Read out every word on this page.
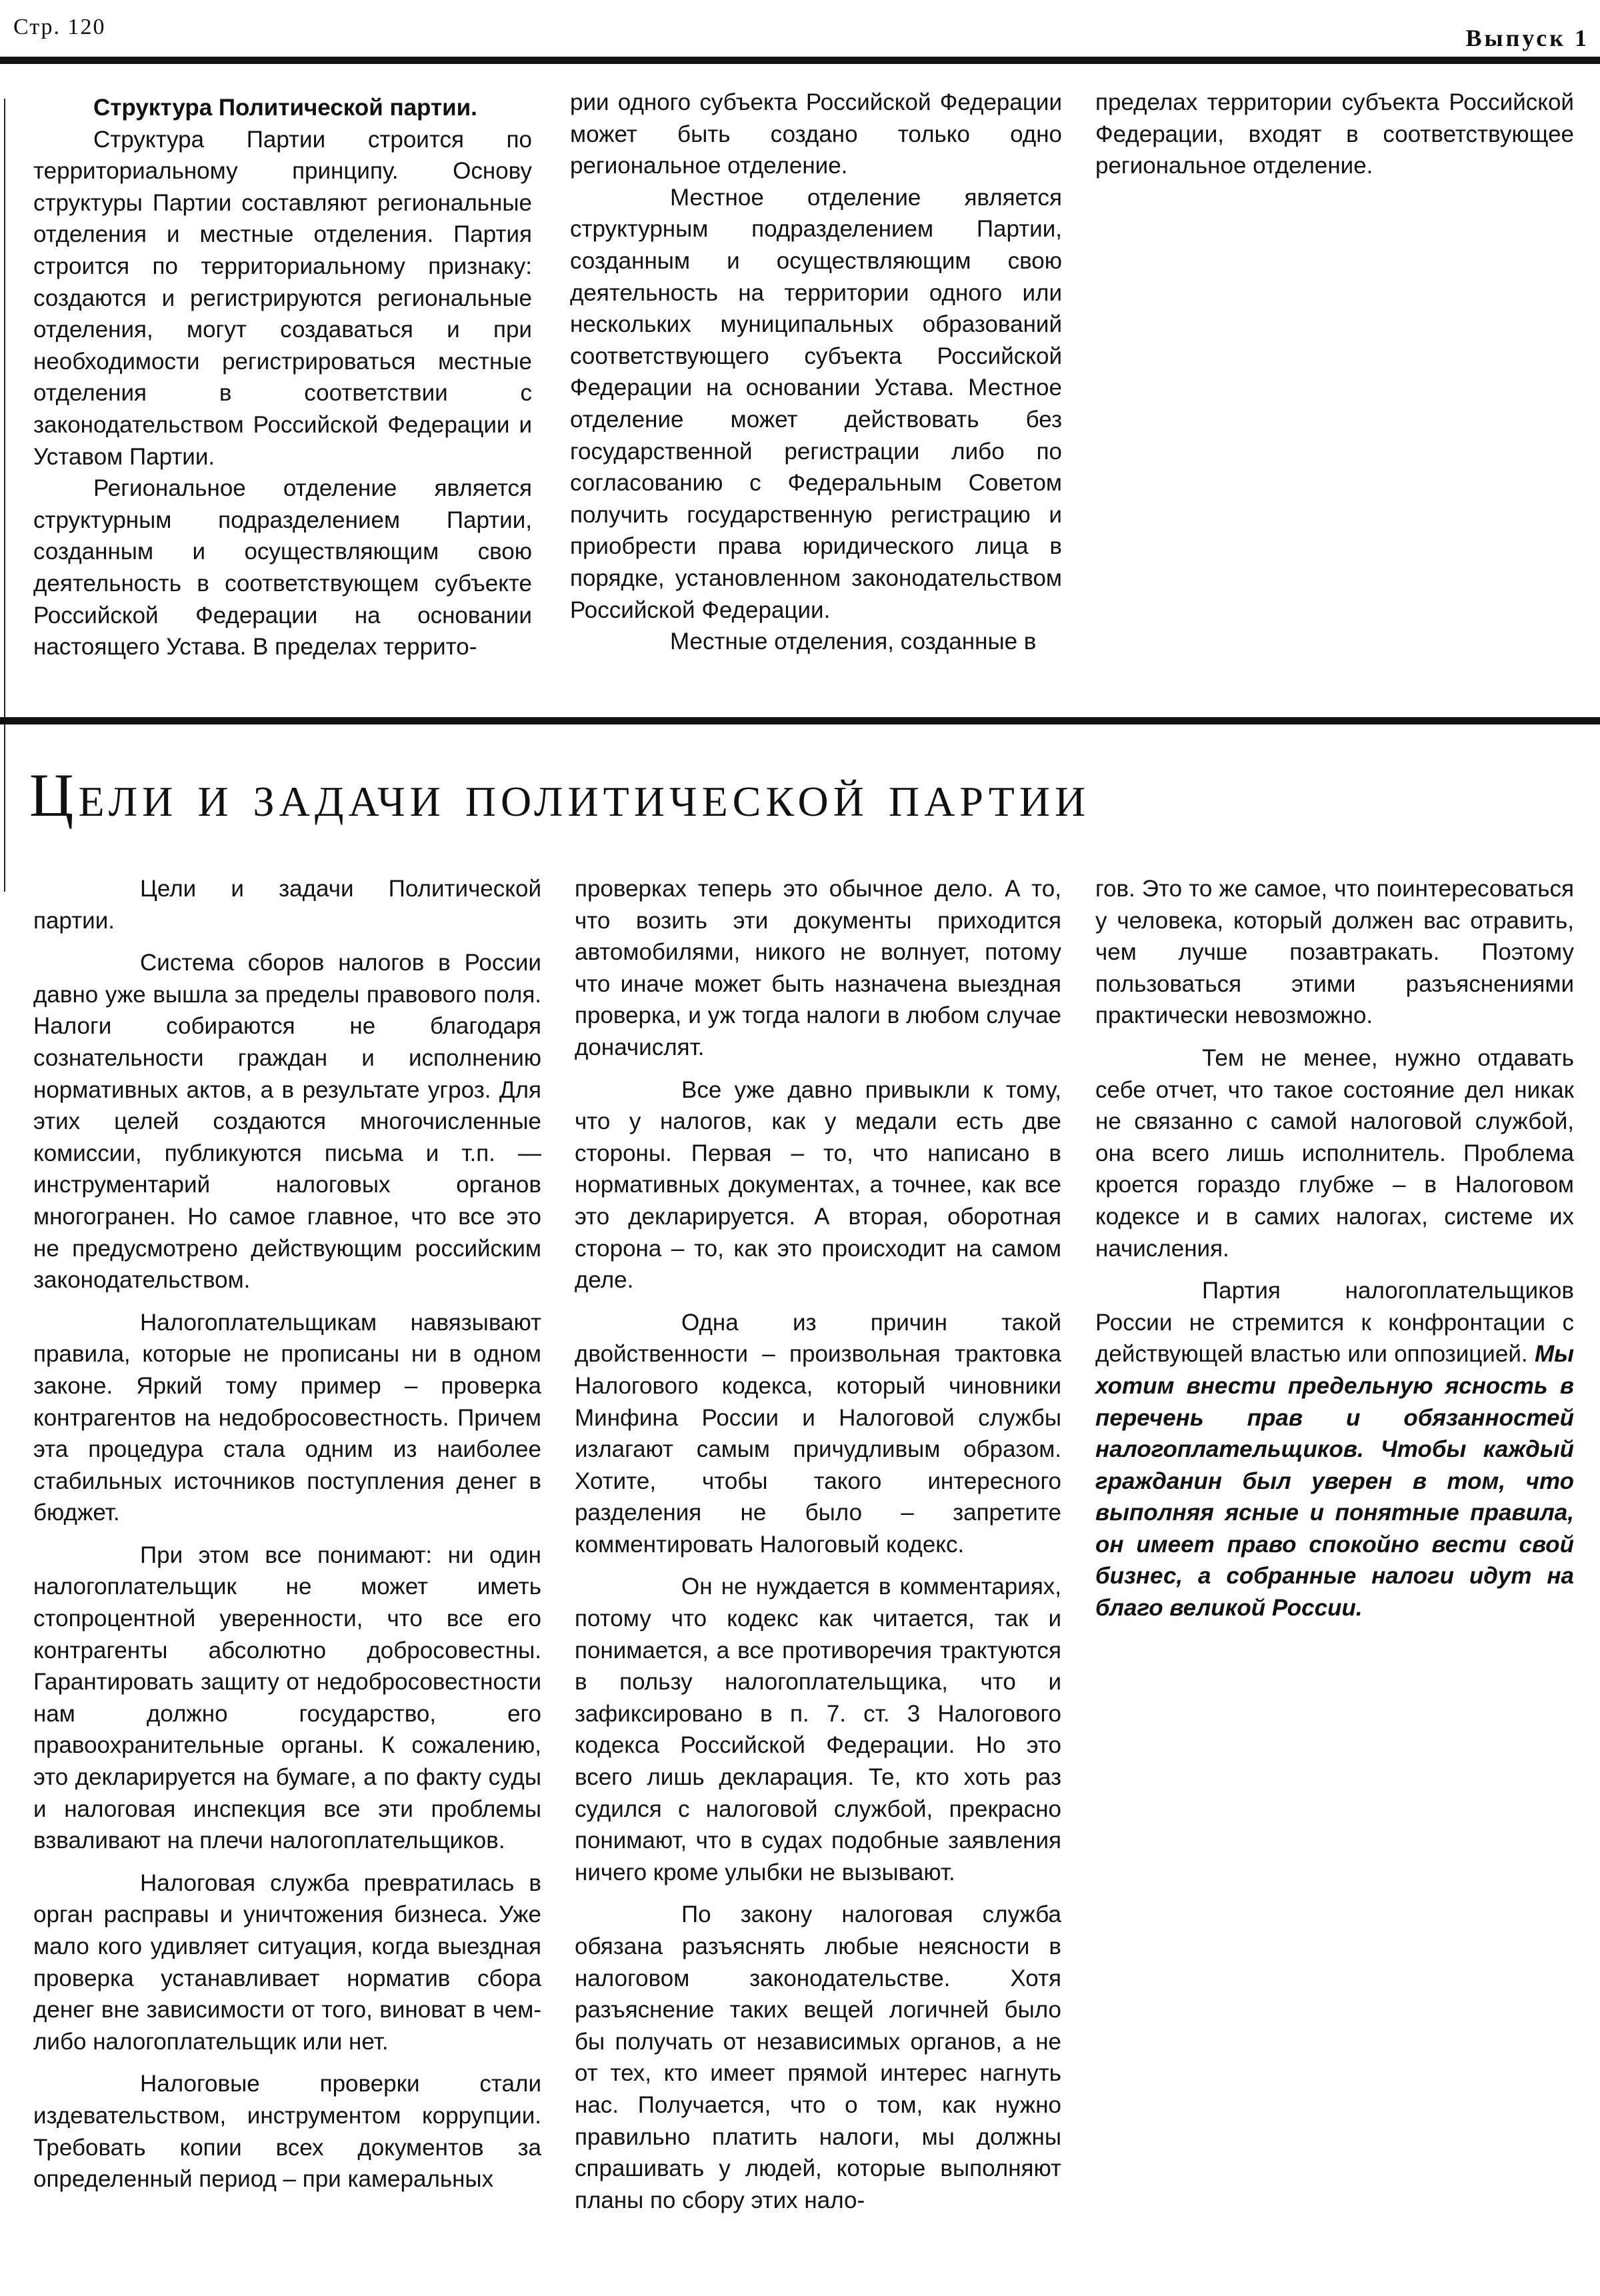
Стр. 120	Выпуск 1

Структура Политической партии.

Структура Партии строится по территориальному принципу. Основу структуры Партии составляют региональные отделения и местные отделения. Партия строится по территориальному признаку: создаются и регистрируются региональные отделения, могут создаваться и при необходимости регистрироваться местные отделения в соответствии с законодательством Российской Федерации и Уставом Партии.

Региональное отделение является структурным подразделением Партии, созданным и осуществляющим свою деятельность в соответствующем субъекте Российской Федерации на основании настоящего Устава. В пределах террито-

рии одного субъекта Российской Федерации может быть создано только одно региональное отделение.

Местное отделение является структурным подразделением Партии, созданным и осуществляющим свою деятельность на территории одного или нескольких муниципальных образований соответствующего субъекта Российской Федерации на основании Устава. Местное отделение может действовать без государственной регистрации либо по согласованию с Федеральным Советом получить государственную регистрацию и приобрести права юридического лица в порядке, установленном законодательством Российской Федерации.

Местные отделения, созданные в

пределах территории субъекта Российской Федерации, входят в соответствующее региональное отделение.

Цели и задачи политической партии

Цели и задачи Политической партии.

Система сборов налогов в России давно уже вышла за пределы правового поля. Налоги собираются не благодаря сознательности граждан и исполнению нормативных актов, а в результате угроз. Для этих целей создаются многочисленные комиссии, публикуются письма и т.п. — инструментарий налоговых органов многогранен. Но самое главное, что все это не предусмотрено действующим российским законодательством.

Налогоплательщикам навязывают правила, которые не прописаны ни в одном законе. Яркий тому пример – проверка контрагентов на недобросовестность. Причем эта процедура стала одним из наиболее стабильных источников поступления денег в бюджет.

При этом все понимают: ни один налогоплательщик не может иметь стопроцентной уверенности, что все его контрагенты абсолютно добросовестны. Гарантировать защиту от недобросовестности нам должно государство, его правоохранительные органы. К сожалению, это декларируется на бумаге, а по факту суды и налоговая инспекция все эти проблемы взваливают на плечи налогоплательщиков.

Налоговая служба превратилась в орган расправы и уничтожения бизнеса. Уже мало кого удивляет ситуация, когда выездная проверка устанавливает норматив сбора денег вне зависимости от того, виноват в чем-либо налогоплательщик или нет.

Налоговые проверки стали издевательством, инструментом коррупции. Требовать копии всех документов за определенный период – при камеральных

проверках теперь это обычное дело. А то, что возить эти документы приходится автомобилями, никого не волнует, потому что иначе может быть назначена выездная проверка, и уж тогда налоги в любом случае доначислят.

Все уже давно привыкли к тому, что у налогов, как у медали есть две стороны. Первая – то, что написано в нормативных документах, а точнее, как все это декларируется. А вторая, оборотная сторона – то, как это происходит на самом деле.

Одна из причин такой двойственности – произвольная трактовка Налогового кодекса, который чиновники Минфина России и Налоговой службы излагают самым причудливым образом. Хотите, чтобы такого интересного разделения не было – запретите комментировать Налоговый кодекс.

Он не нуждается в комментариях, потому что кодекс как читается, так и понимается, а все противоречия трактуются в пользу налогоплательщика, что и зафиксировано в п. 7. ст. 3 Налогового кодекса Российской Федерации. Но это всего лишь декларация. Те, кто хоть раз судился с налоговой службой, прекрасно понимают, что в судах подобные заявления ничего кроме улыбки не вызывают.

По закону налоговая служба обязана разъяснять любые неясности в налоговом законодательстве. Хотя разъяснение таких вещей логичней было бы получать от независимых органов, а не от тех, кто имеет прямой интерес нагнуть нас. Получается, что о том, как нужно правильно платить налоги, мы должны спрашивать у людей, которые выполняют планы по сбору этих нало-

гов. Это то же самое, что поинтересоваться у человека, который должен вас отравить, чем лучше позавтракать. Поэтому пользоваться этими разъяснениями практически невозможно.

Тем не менее, нужно отдавать себе отчет, что такое состояние дел никак не связанно с самой налоговой службой, она всего лишь исполнитель. Проблема кроется гораздо глубже – в Налоговом кодексе и в самих налогах, системе их начисления.

Партия налогоплательщиков России не стремится к конфронтации с действующей властью или оппозицией. Мы хотим внести предельную ясность в перечень прав и обязанностей налогоплательщиков. Чтобы каждый гражданин был уверен в том, что выполняя ясные и понятные правила, он имеет право спокойно вести свой бизнес, а собранные налоги идут на благо великой России.
